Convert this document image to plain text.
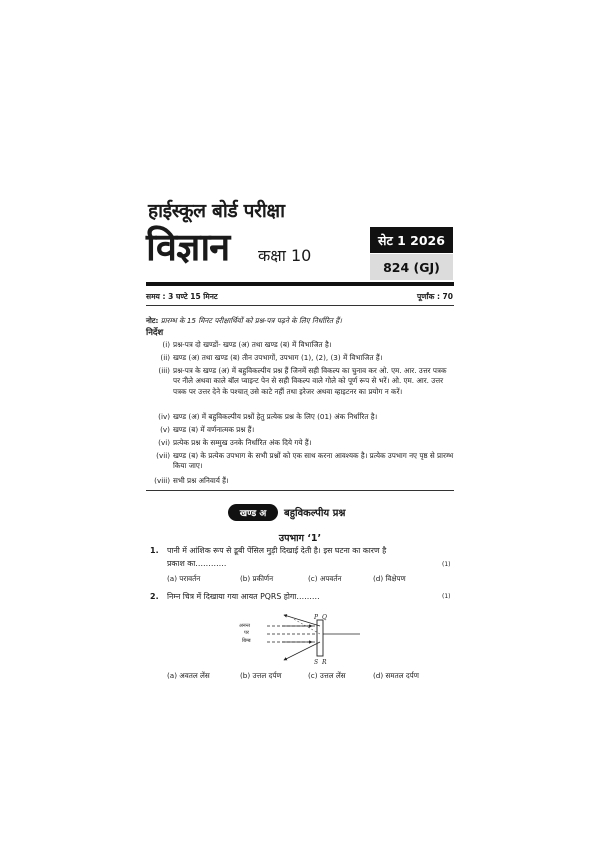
हाईस्कूल बोर्ड परीक्षा
विज्ञान कक्षा 10
सेट 1 2026
824 (GJ)
समय : 3 घण्टे 15 मिनट	पूर्णांक : 70
नोट: प्रारम्भ के 15 मिनट परीक्षार्थियों को प्रश्न-पत्र पढ़ने के लिए निर्धारित हैं।
निर्देश
(i) प्रश्न-पत्र दो खण्डों- खण्ड (अ) तथा खण्ड (ब) में विभाजित है।
(ii) खण्ड (अ) तथा खण्ड (ब) तीन उपभागों, उपभाग (1), (2), (3) में विभाजित हैं।
(iii) प्रश्न-पत्र के खण्ड (अ) में बहुविकल्पीय प्रश्न हैं जिनमें सही विकल्प का चुनाव कर ओ. एम. आर. उत्तर पत्रक पर नीले अथवा काले बॉल प्वाइन्ट पेन से सही विकल्प वाले गोले को पूर्ण रूप से भरें। ओ. एम. आर. उत्तर पत्रक पर उत्तर देने के पश्चात् उसे काटे नहीं तथा इरेजर अथवा व्हाइटनर का प्रयोग न करें।
(iv) खण्ड (अ) में बहुविकल्पीय प्रश्नों हेतु प्रत्येक प्रश्न के लिए (01) अंक निर्धारित है।
(v) खण्ड (ब) में वर्णनात्मक प्रश्न हैं।
(vi) प्रत्येक प्रश्न के सम्मुख उनके निर्धारित अंक दिये गये हैं।
(vii) खण्ड (ब) के प्रत्येक उपभाग के सभी प्रश्नों को एक साथ करना आवश्यक है। प्रत्येक उपभाग नए पृष्ठ से प्रारम्भ किया जाए।
(viii) सभी प्रश्न अनिवार्य हैं।
खण्ड अ बहुविकल्पीय प्रश्न
उपभाग ‘1’
1. पानी में आंशिक रूप से डूबी पेंसिल मुड़ी दिखाई देती है। इस घटना का कारण है
प्रकाश का…………	(1)
(a) परावर्तन	(b) प्रकीर्णन	(c) अपवर्तन	(d) विक्षेपण
2. निम्न चित्र में दिखाया गया आयत PQRS होगा………	(1)
अनन्त
पर
बिम्ब
P Q
S R
(a) अवतल लेंस	(b) उत्तल दर्पण	(c) उत्तल लेंस	(d) समतल दर्पण
